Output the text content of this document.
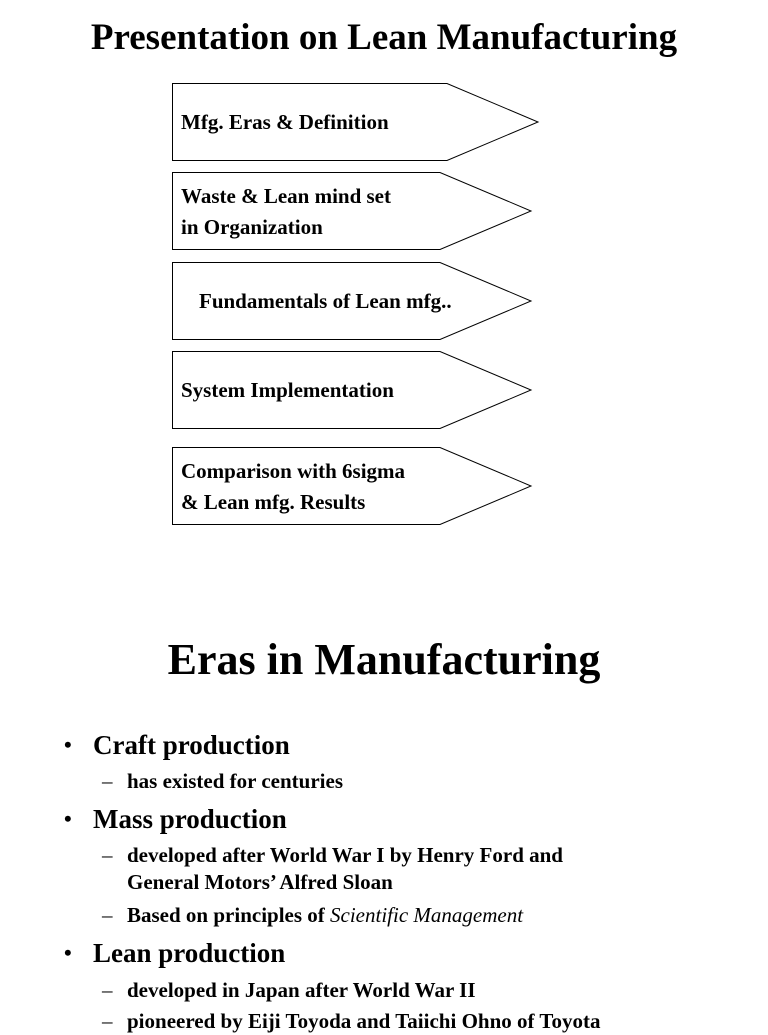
Presentation on Lean Manufacturing
Mfg. Eras & Definition
Waste & Lean mind set
in Organization
Fundamentals of Lean mfg..
System Implementation
Comparison with 6sigma
& Lean mfg. Results
Eras in Manufacturing
• Craft production
– has existed for centuries
• Mass production
– developed after World War I by Henry Ford and
General Motors’ Alfred Sloan
– Based on principles of Scientific Management
• Lean production
– developed in Japan after World War II
– pioneered by Eiji Toyoda and Taiichi Ohno of Toyota
